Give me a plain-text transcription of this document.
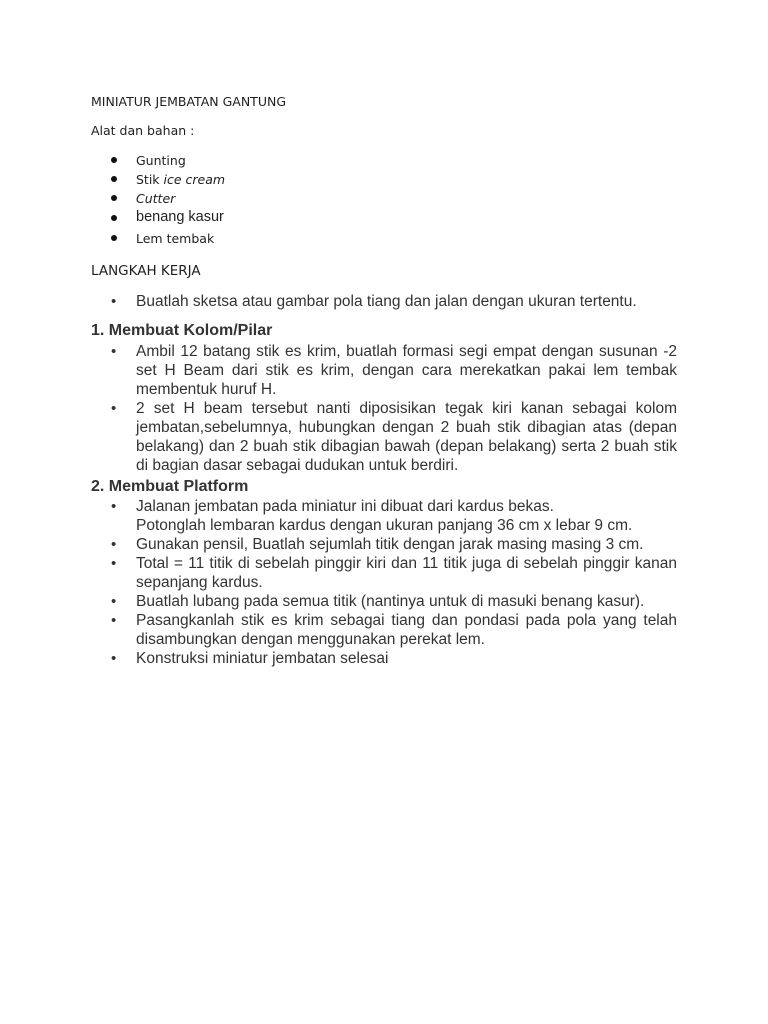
MINIATUR JEMBATAN GANTUNG
Alat dan bahan :
Gunting
Stik ice cream
Cutter
benang kasur
Lem tembak
LANGKAH KERJA
• Buatlah sketsa atau gambar pola tiang dan jalan dengan ukuran tertentu.
1. Membuat Kolom/Pilar
• Ambil 12 batang stik es krim, buatlah formasi segi empat dengan susunan -2 set H Beam dari stik es krim, dengan cara merekatkan pakai lem tembak membentuk huruf H.
• 2 set H beam tersebut nanti diposisikan tegak kiri kanan sebagai kolom jembatan,sebelumnya, hubungkan dengan 2 buah stik dibagian atas (depan belakang) dan 2 buah stik dibagian bawah (depan belakang) serta 2 buah stik di bagian dasar sebagai dudukan untuk berdiri.
2. Membuat Platform
• Jalanan jembatan pada miniatur ini dibuat dari kardus bekas.
Potonglah lembaran kardus dengan ukuran panjang 36 cm x lebar 9 cm.
• Gunakan pensil, Buatlah sejumlah titik dengan jarak masing masing 3 cm.
• Total = 11 titik di sebelah pinggir kiri dan 11 titik juga di sebelah pinggir kanan sepanjang kardus.
• Buatlah lubang pada semua titik (nantinya untuk di masuki benang kasur).
• Pasangkanlah stik es krim sebagai tiang dan pondasi pada pola yang telah disambungkan dengan menggunakan perekat lem.
• Konstruksi miniatur jembatan selesai
